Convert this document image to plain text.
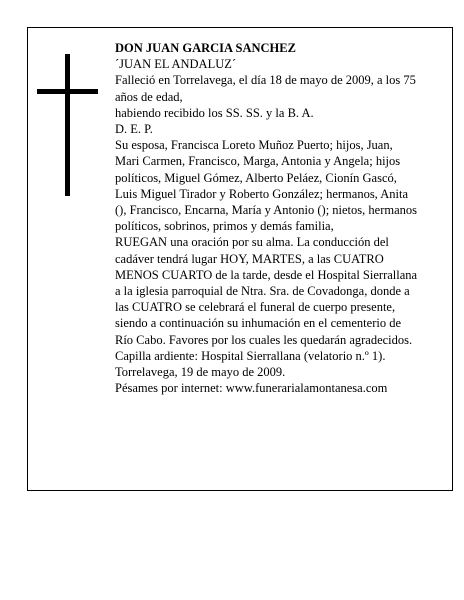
DON JUAN GARCIA SANCHEZ
´JUAN EL ANDALUZ´
Falleció en Torrelavega, el día 18 de mayo de 2009, a los 75 años de edad,
habiendo recibido los SS. SS. y la B. A.
D. E. P.
Su esposa, Francisca Loreto Muñoz Puerto; hijos, Juan, Mari Carmen, Francisco, Marga, Antonia y Angela; hijos políticos, Miguel Gómez, Alberto Peláez, Cionín Gascó, Luis Miguel Tirador y Roberto González; hermanos, Anita (), Francisco, Encarna, María y Antonio (); nietos, hermanos políticos, sobrinos, primos y demás familia,
RUEGAN una oración por su alma. La conducción del cadáver tendrá lugar HOY, MARTES, a las CUATRO MENOS CUARTO de la tarde, desde el Hospital Sierrallana a la iglesia parroquial de Ntra. Sra. de Covadonga, donde a las CUATRO se celebrará el funeral de cuerpo presente, siendo a continuación su inhumación en el cementerio de Río Cabo. Favores por los cuales les quedarán agradecidos. Capilla ardiente: Hospital Sierrallana (velatorio n.º 1).
Torrelavega, 19 de mayo de 2009.
Pésames por internet: www.funerarialamontanesa.com
